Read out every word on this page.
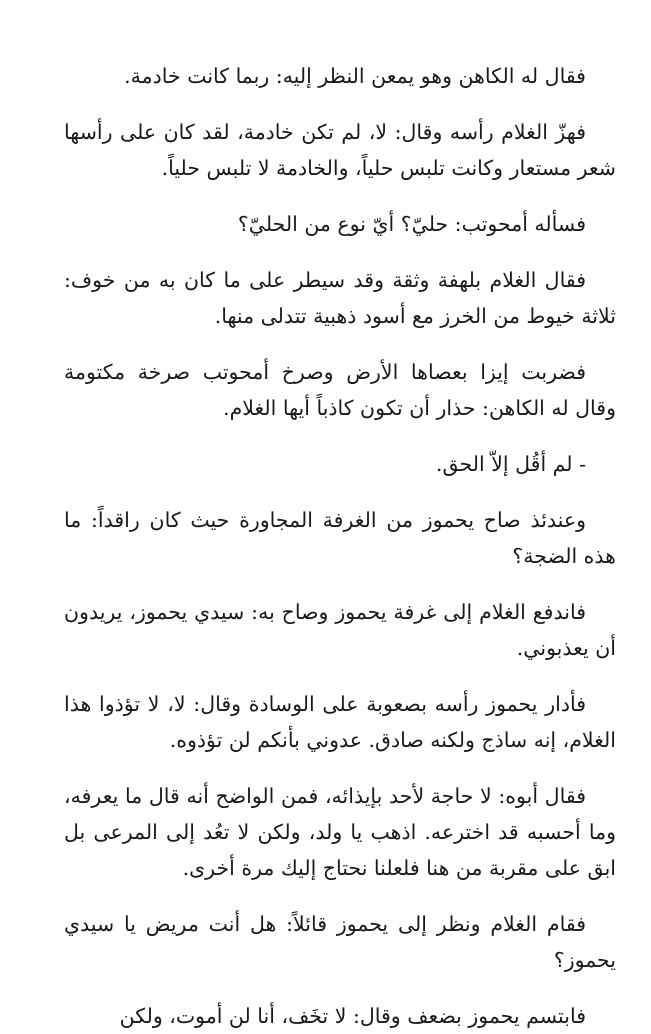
فقال له الكاهن وهو يمعن النظر إليه: ربما كانت خادمة.

فهزّ الغلام رأسه وقال: لا، لم تكن خادمة، لقد كان على رأسها شعر مستعار وكانت تلبس حلياً، والخادمة لا تلبس حلياً.

فسأله أمحوتب: حليّ؟ أيّ نوع من الحليّ؟

فقال الغلام بلهفة وثقة وقد سيطر على ما كان به من خوف: ثلاثة خيوط من الخرز مع أسود ذهبية تتدلى منها.

فضربت إيزا بعصاها الأرض وصرخ أمحوتب صرخة مكتومة وقال له الكاهن: حذار أن تكون كاذباً أيها الغلام.

- لم أقُل إلاّ الحق.

وعندئذ صاح يحموز من الغرفة المجاورة حيث كان راقداً: ما هذه الضجة؟

فاندفع الغلام إلى غرفة يحموز وصاح به: سيدي يحموز، يريدون أن يعذبوني.

فأدار يحموز رأسه بصعوبة على الوسادة وقال: لا، لا تؤذوا هذا الغلام، إنه ساذج ولكنه صادق. عدوني بأنكم لن تؤذوه.

فقال أبوه: لا حاجة لأحد بإيذائه، فمن الواضح أنه قال ما يعرفه، وما أحسبه قد اخترعه. اذهب يا ولد، ولكن لا تعُد إلى المرعى بل ابق على مقربة من هنا فلعلنا نحتاج إليك مرة أخرى.

فقام الغلام ونظر إلى يحموز قائلاً: هل أنت مريض يا سيدي يحموز؟

فابتسم يحموز بضعف وقال: لا تخَف، أنا لن أموت، ولكن
